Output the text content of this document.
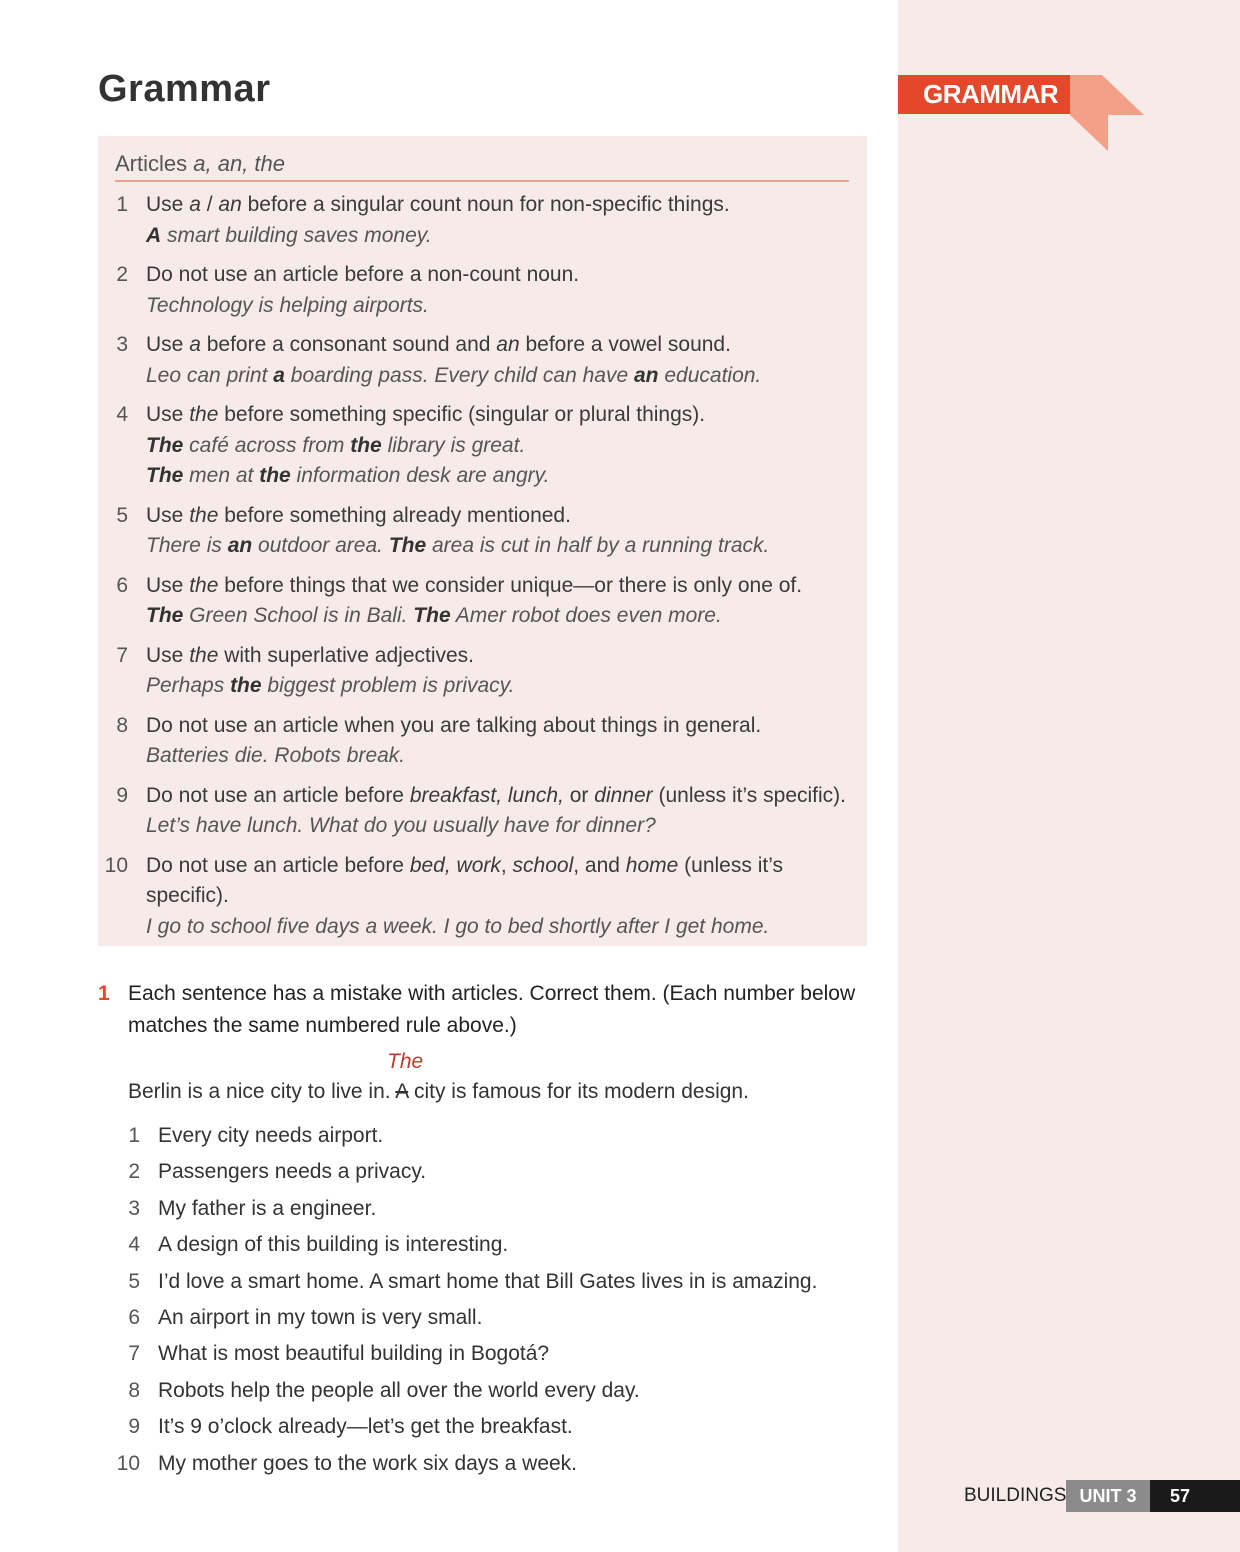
GRAMMAR
Grammar
Articles a, an, the
1 Use a / an before a singular count noun for non-specific things.
A smart building saves money.
2 Do not use an article before a non-count noun.
Technology is helping airports.
3 Use a before a consonant sound and an before a vowel sound.
Leo can print a boarding pass. Every child can have an education.
4 Use the before something specific (singular or plural things).
The café across from the library is great.
The men at the information desk are angry.
5 Use the before something already mentioned.
There is an outdoor area. The area is cut in half by a running track.
6 Use the before things that we consider unique—or there is only one of.
The Green School is in Bali. The Amer robot does even more.
7 Use the with superlative adjectives.
Perhaps the biggest problem is privacy.
8 Do not use an article when you are talking about things in general.
Batteries die. Robots break.
9 Do not use an article before breakfast, lunch, or dinner (unless it’s specific).
Let’s have lunch. What do you usually have for dinner?
10 Do not use an article before bed, work, school, and home (unless it’s specific).
I go to school five days a week. I go to bed shortly after I get home.
1 Each sentence has a mistake with articles. Correct them. (Each number below matches the same numbered rule above.)
The
Berlin is a nice city to live in. A city is famous for its modern design.
1 Every city needs airport.
2 Passengers needs a privacy.
3 My father is a engineer.
4 A design of this building is interesting.
5 I’d love a smart home. A smart home that Bill Gates lives in is amazing.
6 An airport in my town is very small.
7 What is most beautiful building in Bogotá?
8 Robots help the people all over the world every day.
9 It’s 9 o’clock already—let’s get the breakfast.
10 My mother goes to the work six days a week.
BUILDINGS UNIT 3	57
